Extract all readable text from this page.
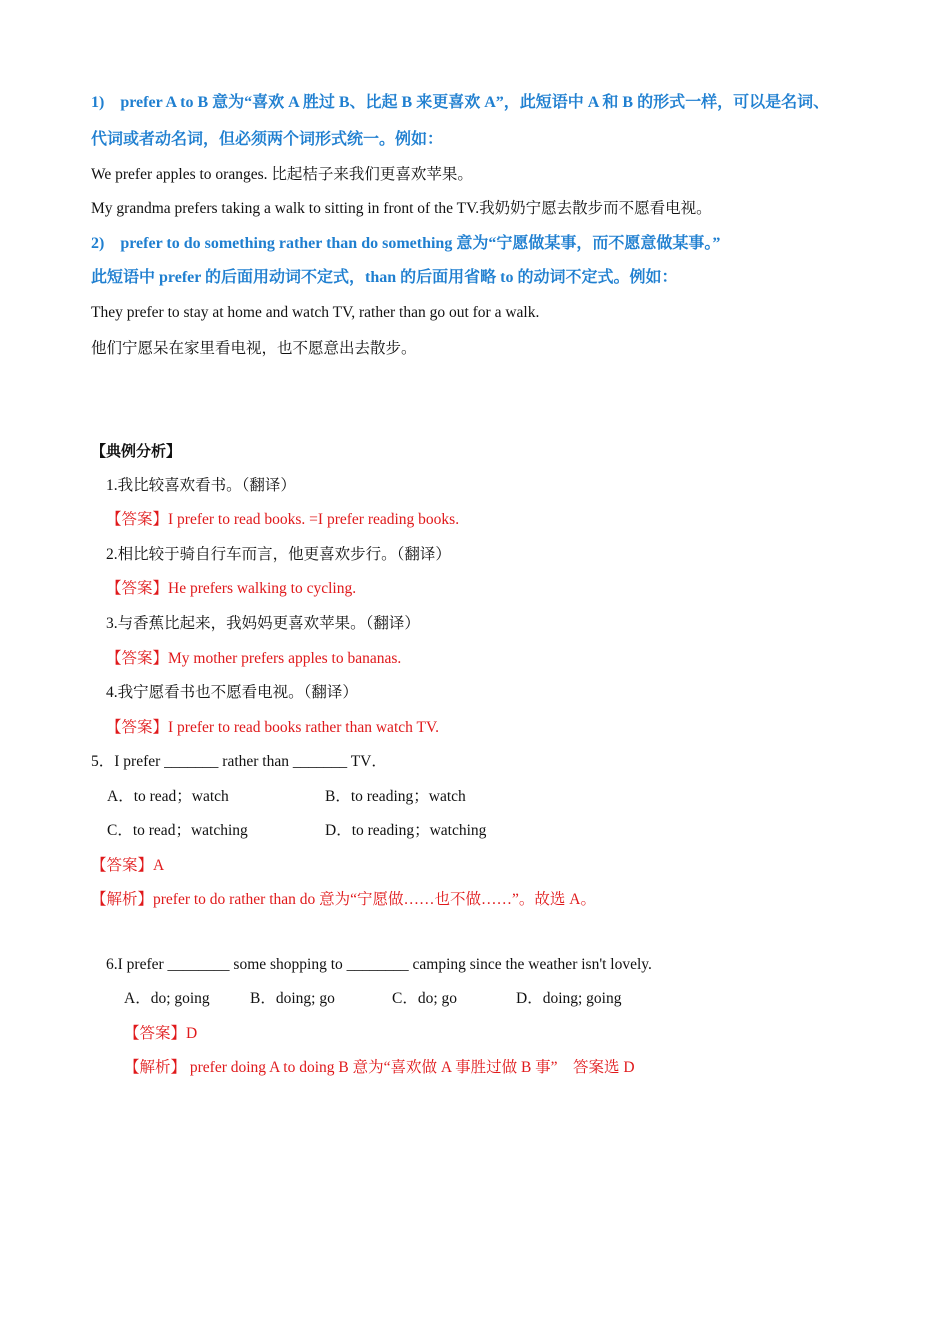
1)　prefer A to B 意为“喜欢 A 胜过 B、比起 B 来更喜欢 A”，此短语中 A 和 B 的形式一样，可以是名词、
代词或者动名词，但必须两个词形式统一。例如：
We prefer apples to oranges. 比起桔子来我们更喜欢苹果。
My grandma prefers taking a walk to sitting in front of the TV.我奶奶宁愿去散步而不愿看电视。
2)　prefer to do something rather than do something 意为“宁愿做某事，而不愿意做某事。”
此短语中 prefer 的后面用动词不定式，than 的后面用省略 to 的动词不定式。例如：
They prefer to stay at home and watch TV, rather than go out for a walk.
他们宁愿呆在家里看电视，也不愿意出去散步。
【典例分析】
1.我比较喜欢看书。（翻译）
【答案】I prefer to read books. =I prefer reading books.
2.相比较于骑自行车而言，他更喜欢步行。（翻译）
【答案】He prefers walking to cycling.
3.与香蕉比起来，我妈妈更喜欢苹果。（翻译）
【答案】My mother prefers apples to bananas.
4.我宁愿看书也不愿看电视。（翻译）
【答案】I prefer to read books rather than watch TV.
5．I prefer _______ rather than _______ TV．
A．to read；watch	B．to reading；watch
C．to read；watching	D．to reading；watching
【答案】A
【解析】prefer to do rather than do 意为“宁愿做……也不做……”。故选 A。
6.I prefer ________ some shopping to ________ camping since the weather isn't lovely.
A．do; going	B．doing; go	C．do; go	D．doing; going
【答案】D
【解析】 prefer doing A to doing B 意为“喜欢做 A 事胜过做 B 事”　答案选 D
